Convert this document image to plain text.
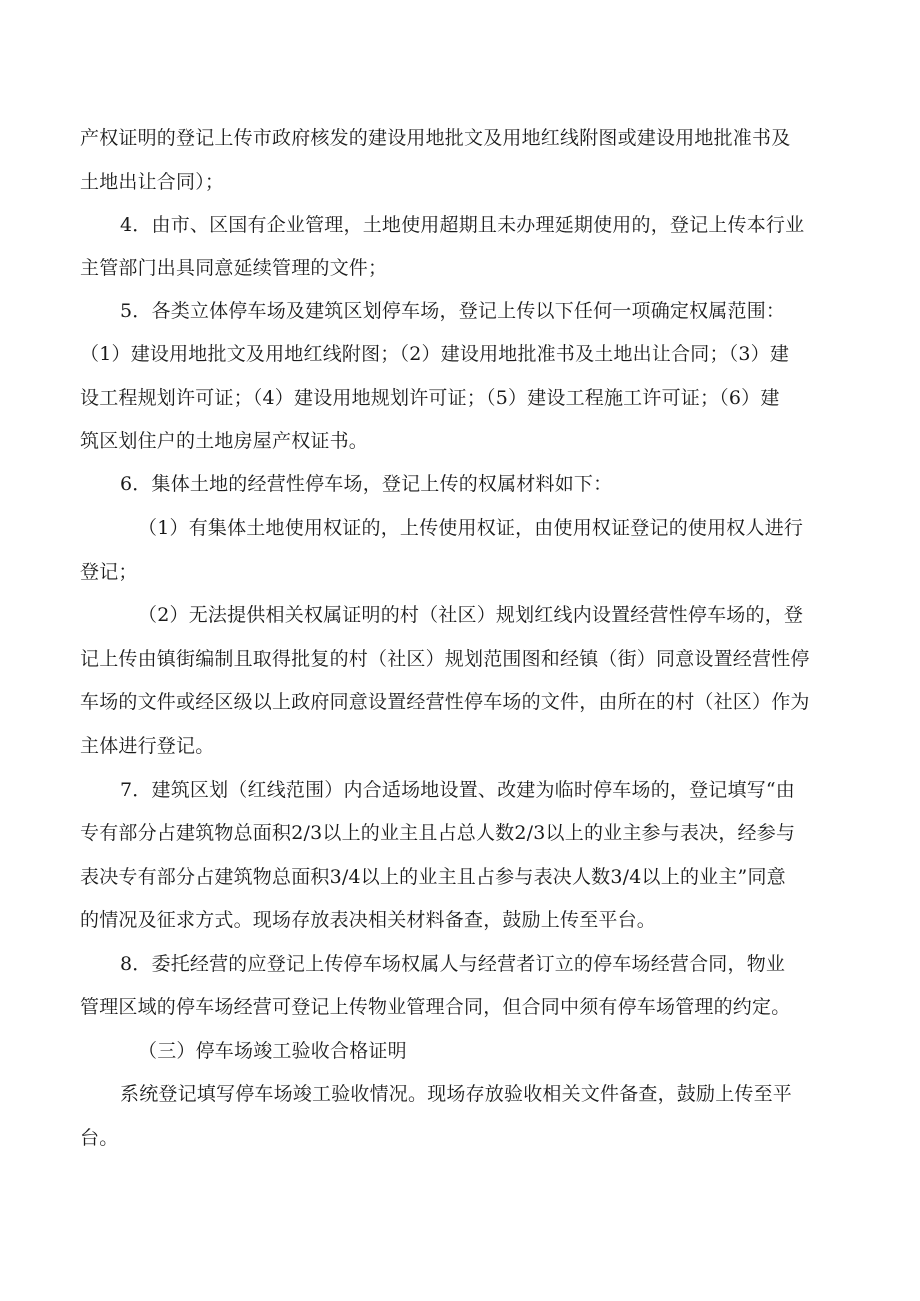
产权证明的登记上传市政府核发的建设用地批文及用地红线附图或建设用地批准书及
土地出让合同）；
4．由市、区国有企业管理，土地使用超期且未办理延期使用的，登记上传本行业
主管部门出具同意延续管理的文件；
5．各类立体停车场及建筑区划停车场，登记上传以下任何一项确定权属范围：
（1）建设用地批文及用地红线附图；（2）建设用地批准书及土地出让合同；（3）建
设工程规划许可证；（4）建设用地规划许可证；（5）建设工程施工许可证；（6）建
筑区划住户的土地房屋产权证书。
6．集体土地的经营性停车场，登记上传的权属材料如下：
（1）有集体土地使用权证的，上传使用权证，由使用权证登记的使用权人进行
登记；
（2）无法提供相关权属证明的村（社区）规划红线内设置经营性停车场的，登
记上传由镇街编制且取得批复的村（社区）规划范围图和经镇（街）同意设置经营性停
车场的文件或经区级以上政府同意设置经营性停车场的文件，由所在的村（社区）作为
主体进行登记。
7．建筑区划（红线范围）内合适场地设置、改建为临时停车场的，登记填写“由
专有部分占建筑物总面积2/3以上的业主且占总人数2/3以上的业主参与表决，经参与
表决专有部分占建筑物总面积3/4以上的业主且占参与表决人数3/4以上的业主”同意
的情况及征求方式。现场存放表决相关材料备查，鼓励上传至平台。
8．委托经营的应登记上传停车场权属人与经营者订立的停车场经营合同，物业
管理区域的停车场经营可登记上传物业管理合同，但合同中须有停车场管理的约定。
（三）停车场竣工验收合格证明
系统登记填写停车场竣工验收情况。现场存放验收相关文件备查，鼓励上传至平
台。
